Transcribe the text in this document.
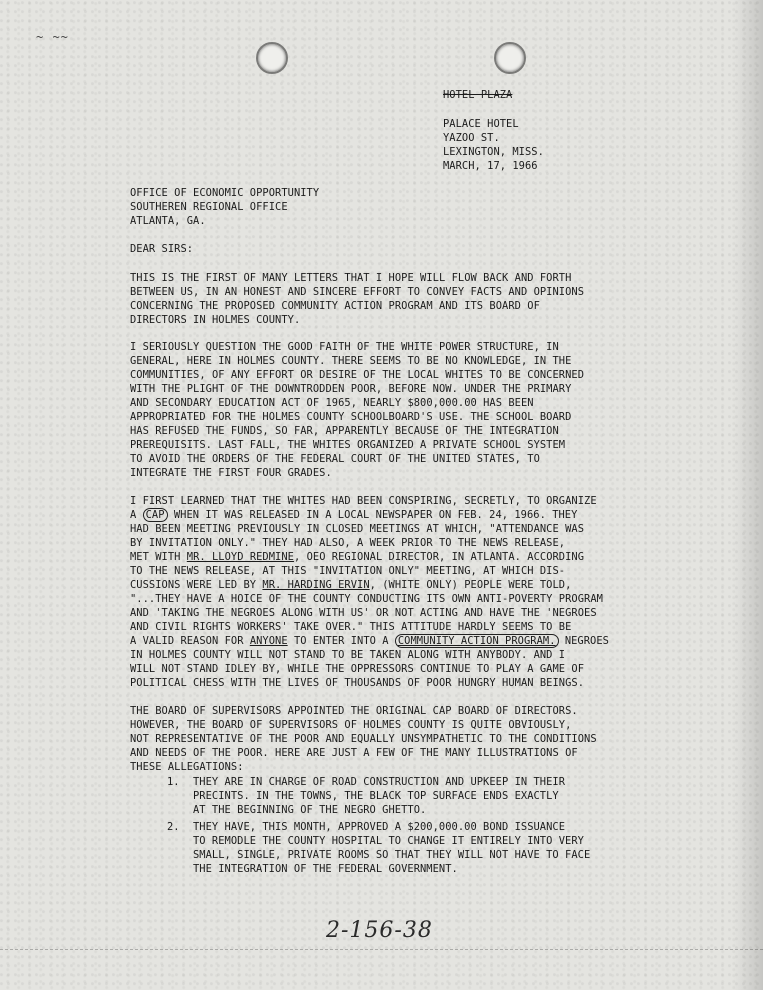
~ ~~
HOTEL PLAZA
PALACE HOTEL
YAZOO ST.
LEXINGTON, MISS.
MARCH, 17, 1966
OFFICE OF ECONOMIC OPPORTUNITY
SOUTHEREN REGIONAL OFFICE
ATLANTA, GA.
DEAR SIRS:
THIS IS THE FIRST OF MANY LETTERS THAT I HOPE WILL FLOW BACK AND FORTH
BETWEEN US, IN AN HONEST AND SINCERE EFFORT TO CONVEY FACTS AND OPINIONS
CONCERNING THE PROPOSED COMMUNITY ACTION PROGRAM AND ITS BOARD OF
DIRECTORS IN HOLMES COUNTY.
I SERIOUSLY QUESTION THE GOOD FAITH OF THE WHITE POWER STRUCTURE, IN
GENERAL, HERE IN HOLMES COUNTY. THERE SEEMS TO BE NO KNOWLEDGE, IN THE
COMMUNITIES, OF ANY EFFORT OR DESIRE OF THE LOCAL WHITES TO BE CONCERNED
WITH THE PLIGHT OF THE DOWNTRODDEN POOR, BEFORE NOW. UNDER THE PRIMARY
AND SECONDARY EDUCATION ACT OF 1965, NEARLY $800,000.00 HAS BEEN
APPROPRIATED FOR THE HOLMES COUNTY SCHOOLBOARD'S USE. THE SCHOOL BOARD
HAS REFUSED THE FUNDS, SO FAR, APPARENTLY BECAUSE OF THE INTEGRATION
PREREQUISITS. LAST FALL, THE WHITES ORGANIZED A PRIVATE SCHOOL SYSTEM
TO AVOID THE ORDERS OF THE FEDERAL COURT OF THE UNITED STATES, TO
INTEGRATE THE FIRST FOUR GRADES.
I FIRST LEARNED THAT THE WHITES HAD BEEN CONSPIRING, SECRETLY, TO ORGANIZE
A CAP WHEN IT WAS RELEASED IN A LOCAL NEWSPAPER ON FEB. 24, 1966. THEY
HAD BEEN MEETING PREVIOUSLY IN CLOSED MEETINGS AT WHICH, "ATTENDANCE WAS
BY INVITATION ONLY." THEY HAD ALSO, A WEEK PRIOR TO THE NEWS RELEASE,
MET WITH MR. LLOYD REDMINE, OEO REGIONAL DIRECTOR, IN ATLANTA. ACCORDING
TO THE NEWS RELEASE, AT THIS "INVITATION ONLY" MEETING, AT WHICH DIS-
CUSSIONS WERE LED BY MR. HARDING ERVIN, (WHITE ONLY) PEOPLE WERE TOLD,
"...THEY HAVE A HOICE OF THE COUNTY CONDUCTING ITS OWN ANTI-POVERTY PROGRAM
AND 'TAKING THE NEGROES ALONG WITH US' OR NOT ACTING AND HAVE THE 'NEGROES
AND CIVIL RIGHTS WORKERS' TAKE OVER." THIS ATTITUDE HARDLY SEEMS TO BE
A VALID REASON FOR ANYONE TO ENTER INTO A COMMUNITY ACTION PROGRAM. NEGROES
IN HOLMES COUNTY WILL NOT STAND TO BE TAKEN ALONG WITH ANYBODY. AND I
WILL NOT STAND IDLEY BY, WHILE THE OPPRESSORS CONTINUE TO PLAY A GAME OF
POLITICAL CHESS WITH THE LIVES OF THOUSANDS OF POOR HUNGRY HUMAN BEINGS.
THE BOARD OF SUPERVISORS APPOINTED THE ORIGINAL CAP BOARD OF DIRECTORS.
HOWEVER, THE BOARD OF SUPERVISORS OF HOLMES COUNTY IS QUITE OBVIOUSLY,
NOT REPRESENTATIVE OF THE POOR AND EQUALLY UNSYMPATHETIC TO THE CONDITIONS
AND NEEDS OF THE POOR. HERE ARE JUST A FEW OF THE MANY ILLUSTRATIONS OF
THESE ALLEGATIONS:
1. THEY ARE IN CHARGE OF ROAD CONSTRUCTION AND UPKEEP IN THEIR
PRECINTS. IN THE TOWNS, THE BLACK TOP SURFACE ENDS EXACTLY
AT THE BEGINNING OF THE NEGRO GHETTO.
2. THEY HAVE, THIS MONTH, APPROVED A $200,000.00 BOND ISSUANCE
TO REMODLE THE COUNTY HOSPITAL TO CHANGE IT ENTIRELY INTO VERY
SMALL, SINGLE, PRIVATE ROOMS SO THAT THEY WILL NOT HAVE TO FACE
THE INTEGRATION OF THE FEDERAL GOVERNMENT.
2-156-38
